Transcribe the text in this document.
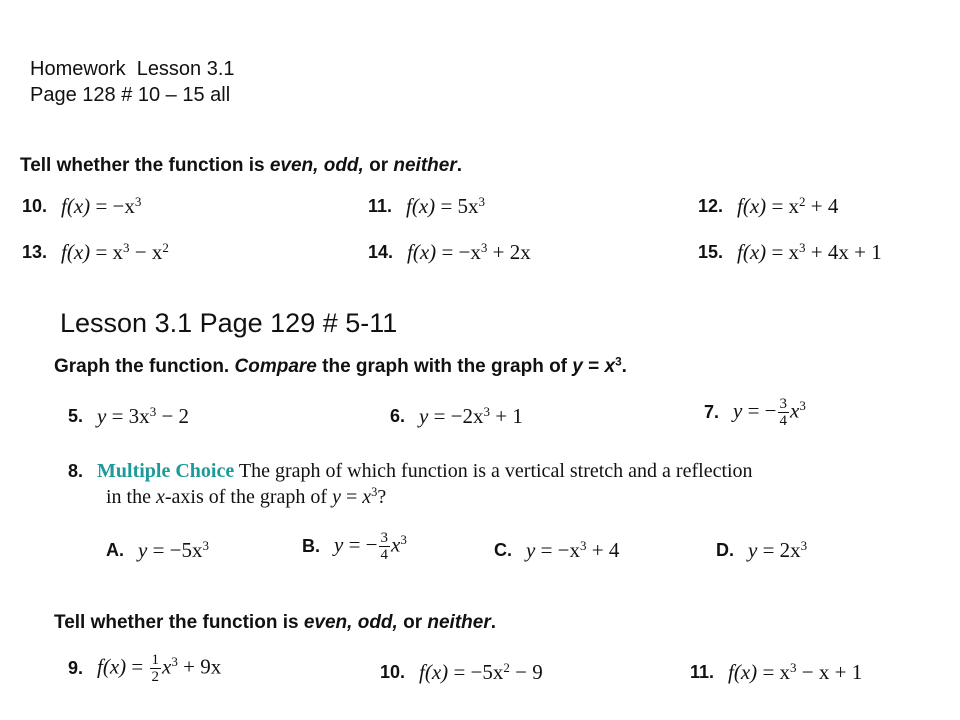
Homework  Lesson 3.1
Page 128 # 10 – 15 all
Tell whether the function is even, odd, or neither.
10. $f(x) = -x^3$	11. $f(x) = 5x^3$	12. $f(x) = x^2 + 4$
13. $f(x) = x^3 - x^2$	14. $f(x) = -x^3 + 2x$	15. $f(x) = x^3 + 4x + 1$
Lesson 3.1 Page 129 # 5-11
Graph the function. Compare the graph with the graph of $y = x^3$.
5. $y = 3x^3 - 2$	6. $y = -2x^3 + 1$	7. y = − $\frac{3}{4} x^3$
8. Multiple Choice The graph of which function is a vertical stretch and a reflection
in the x-axis of the graph of $y = x^3$?
A. $y = -5x^3$	B. y = − $\frac{3}{4} x^3$
C. $y = -x^3 + 4$	D. $y = 2x^3$
Tell whether the function is even, odd, or neither.
9. $f(x) = \frac{1}{2} x^3 + 9x$	10. $f(x) = -5x^2 - 9$	11. $f(x) = x^3 - x + 1$
